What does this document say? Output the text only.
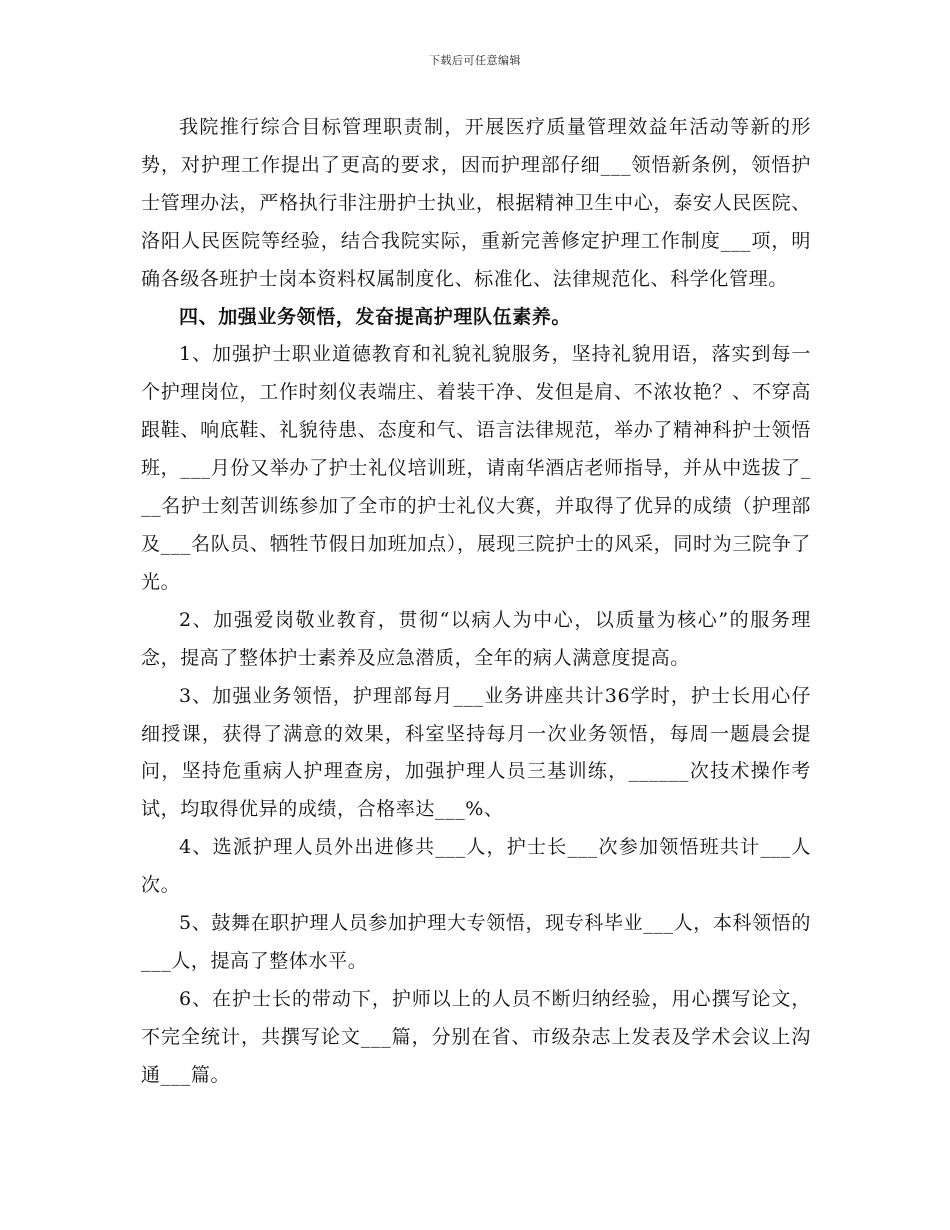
下载后可任意编辑

我院推行综合目标管理职责制，开展医疗质量管理效益年活动等新的形势，对护理工作提出了更高的要求，因而护理部仔细___领悟新条例，领悟护士管理办法，严格执行非注册护士执业，根据精神卫生中心，泰安人民医院、洛阳人民医院等经验，结合我院实际，重新完善修定护理工作制度___项，明确各级各班护士岗本资料权属制度化、标准化、法律规范化、科学化管理。

四、加强业务领悟，发奋提高护理队伍素养。

1、加强护士职业道德教育和礼貌礼貌服务，坚持礼貌用语，落实到每一个护理岗位，工作时刻仪表端庄、着装干净、发但是肩、不浓妆艳？、不穿高跟鞋、响底鞋、礼貌待患、态度和气、语言法律规范，举办了精神科护士领悟班，___月份又举办了护士礼仪培训班，请南华酒店老师指导，并从中选拔了___名护士刻苦训练参加了全市的护士礼仪大赛，并取得了优异的成绩（护理部及___名队员、牺牲节假日加班加点），展现三院护士的风采，同时为三院争了光。

2、加强爱岗敬业教育，贯彻“以病人为中心，以质量为核心”的服务理念，提高了整体护士素养及应急潜质，全年的病人满意度提高。

3、加强业务领悟，护理部每月___业务讲座共计36学时，护士长用心仔细授课，获得了满意的效果，科室坚持每月一次业务领悟，每周一题晨会提问，坚持危重病人护理查房，加强护理人员三基训练，______次技术操作考试，均取得优异的成绩，合格率达___%、

4、选派护理人员外出进修共___人，护士长___次参加领悟班共计___人次。

5、鼓舞在职护理人员参加护理大专领悟，现专科毕业___人，本科领悟的___人，提高了整体水平。

6、在护士长的带动下，护师以上的人员不断归纳经验，用心撰写论文，不完全统计，共撰写论文___篇，分别在省、市级杂志上发表及学术会议上沟通___篇。
